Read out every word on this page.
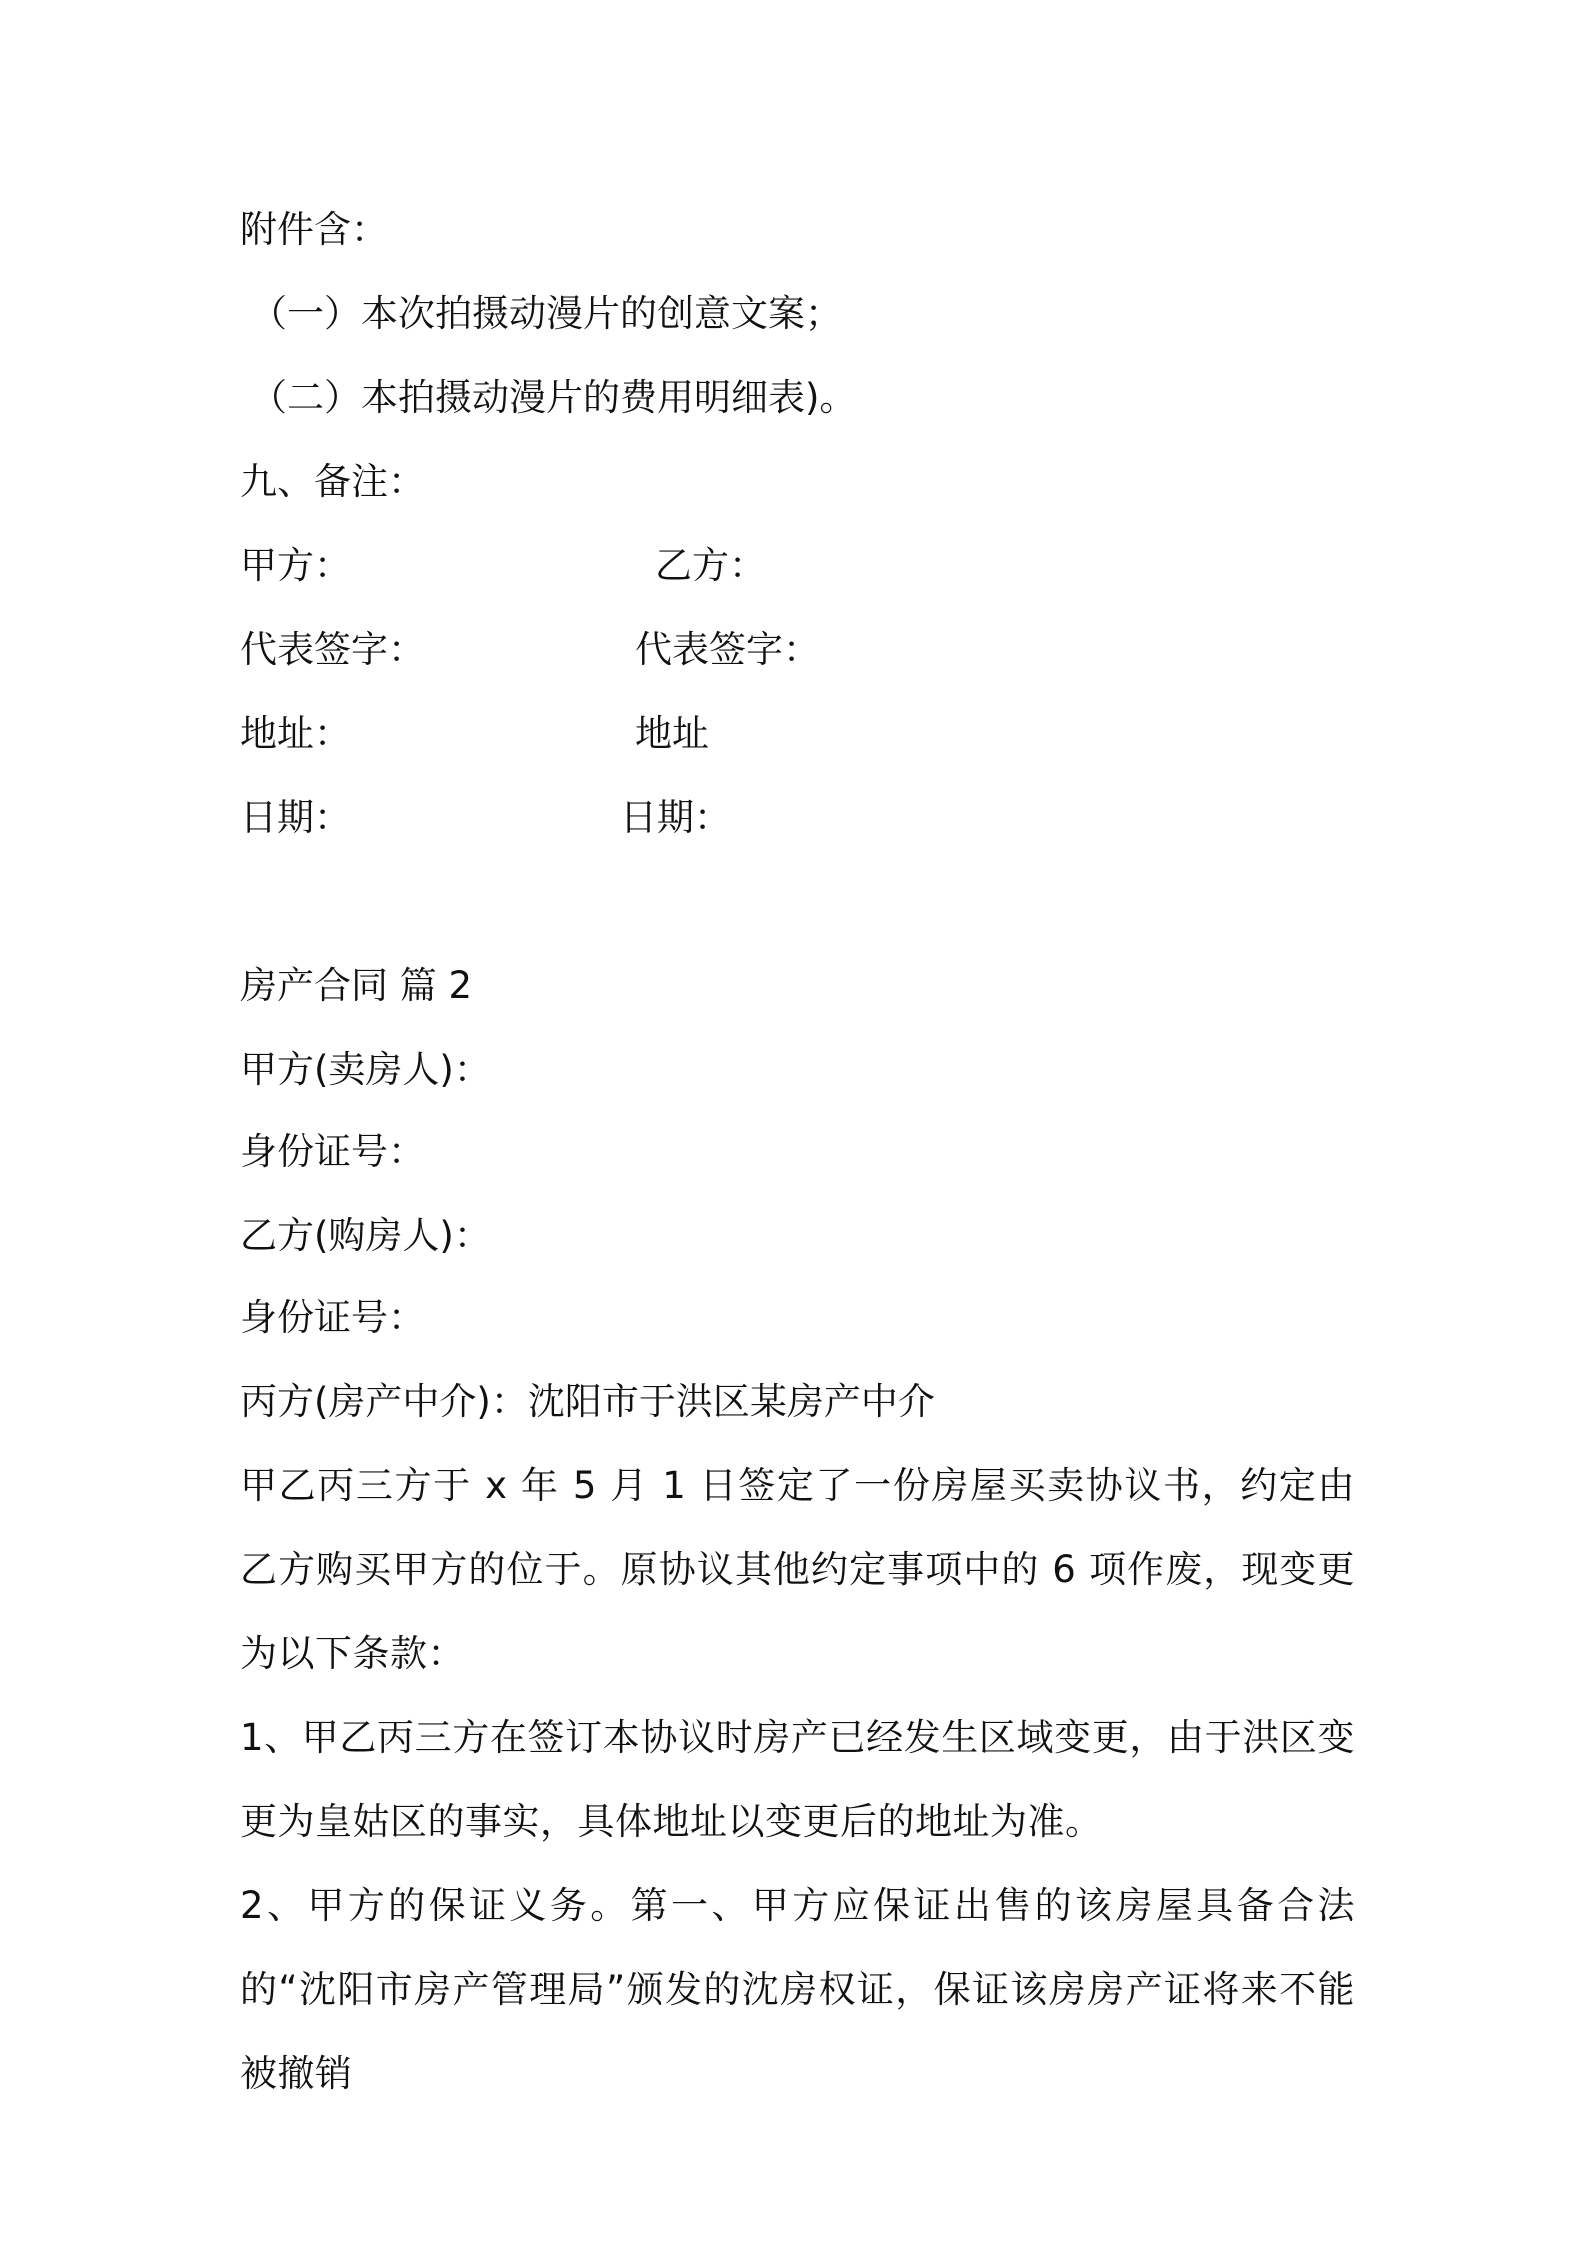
附件含：
（一）本次拍摄动漫片的创意文案；
（二）本拍摄动漫片的费用明细表)。
九、备注：
甲方：	乙方：
代表签字：	代表签字：
地址：	地址
日期：	日期：
房产合同 篇 2
甲方(卖房人)：
身份证号：
乙方(购房人)：
身份证号：
丙方(房产中介)：沈阳市于洪区某房产中介
甲乙丙三方于 x 年 5 月 1 日签定了一份房屋买卖协议书，约定由乙方购买甲方的位于。原协议其他约定事项中的 6 项作废，现变更为以下条款：
1、甲乙丙三方在签订本协议时房产已经发生区域变更，由于洪区变更为皇姑区的事实，具体地址以变更后的地址为准。
2、甲方的保证义务。第一、甲方应保证出售的该房屋具备合法的“沈阳市房产管理局”颁发的沈房权证，保证该房房产证将来不能被撤销
